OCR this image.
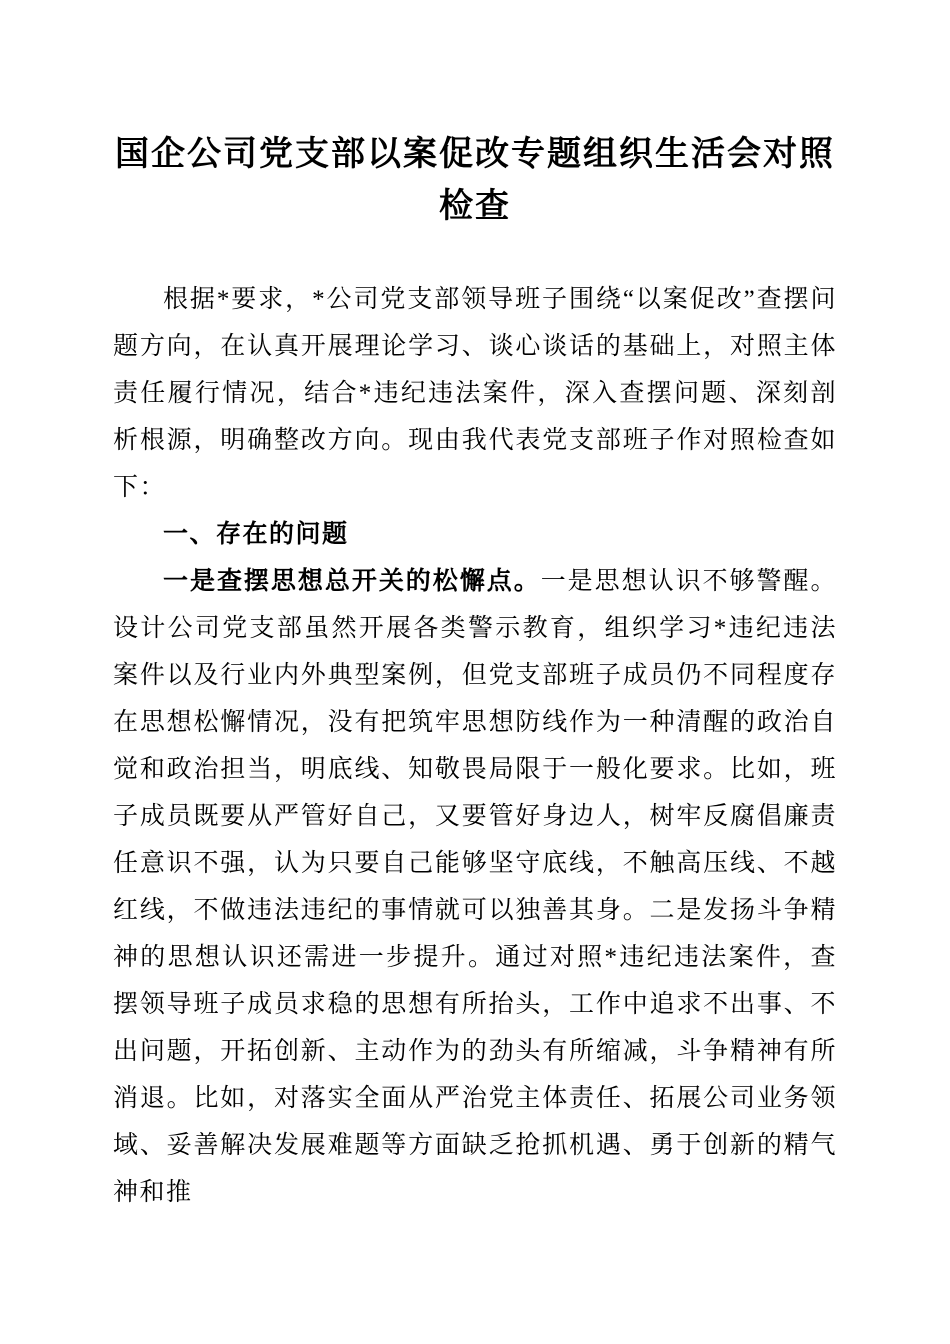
国企公司党支部以案促改专题组织生活会对照检查

根据*要求，*公司党支部领导班子围绕“以案促改”查摆问题方向，在认真开展理论学习、谈心谈话的基础上，对照主体责任履行情况，结合*违纪违法案件，深入查摆问题、深刻剖析根源，明确整改方向。现由我代表党支部班子作对照检查如下：

一、存在的问题

一是查摆思想总开关的松懈点。一是思想认识不够警醒。设计公司党支部虽然开展各类警示教育，组织学习*违纪违法案件以及行业内外典型案例，但党支部班子成员仍不同程度存在思想松懈情况，没有把筑牢思想防线作为一种清醒的政治自觉和政治担当，明底线、知敬畏局限于一般化要求。比如，班子成员既要从严管好自己，又要管好身边人，树牢反腐倡廉责任意识不强，认为只要自己能够坚守底线，不触高压线、不越红线，不做违法违纪的事情就可以独善其身。二是发扬斗争精神的思想认识还需进一步提升。通过对照*违纪违法案件，查摆领导班子成员求稳的思想有所抬头，工作中追求不出事、不出问题，开拓创新、主动作为的劲头有所缩减，斗争精神有所消退。比如，对落实全面从严治党主体责任、拓展公司业务领域、妥善解决发展难题等方面缺乏抢抓机遇、勇于创新的精气神和推
